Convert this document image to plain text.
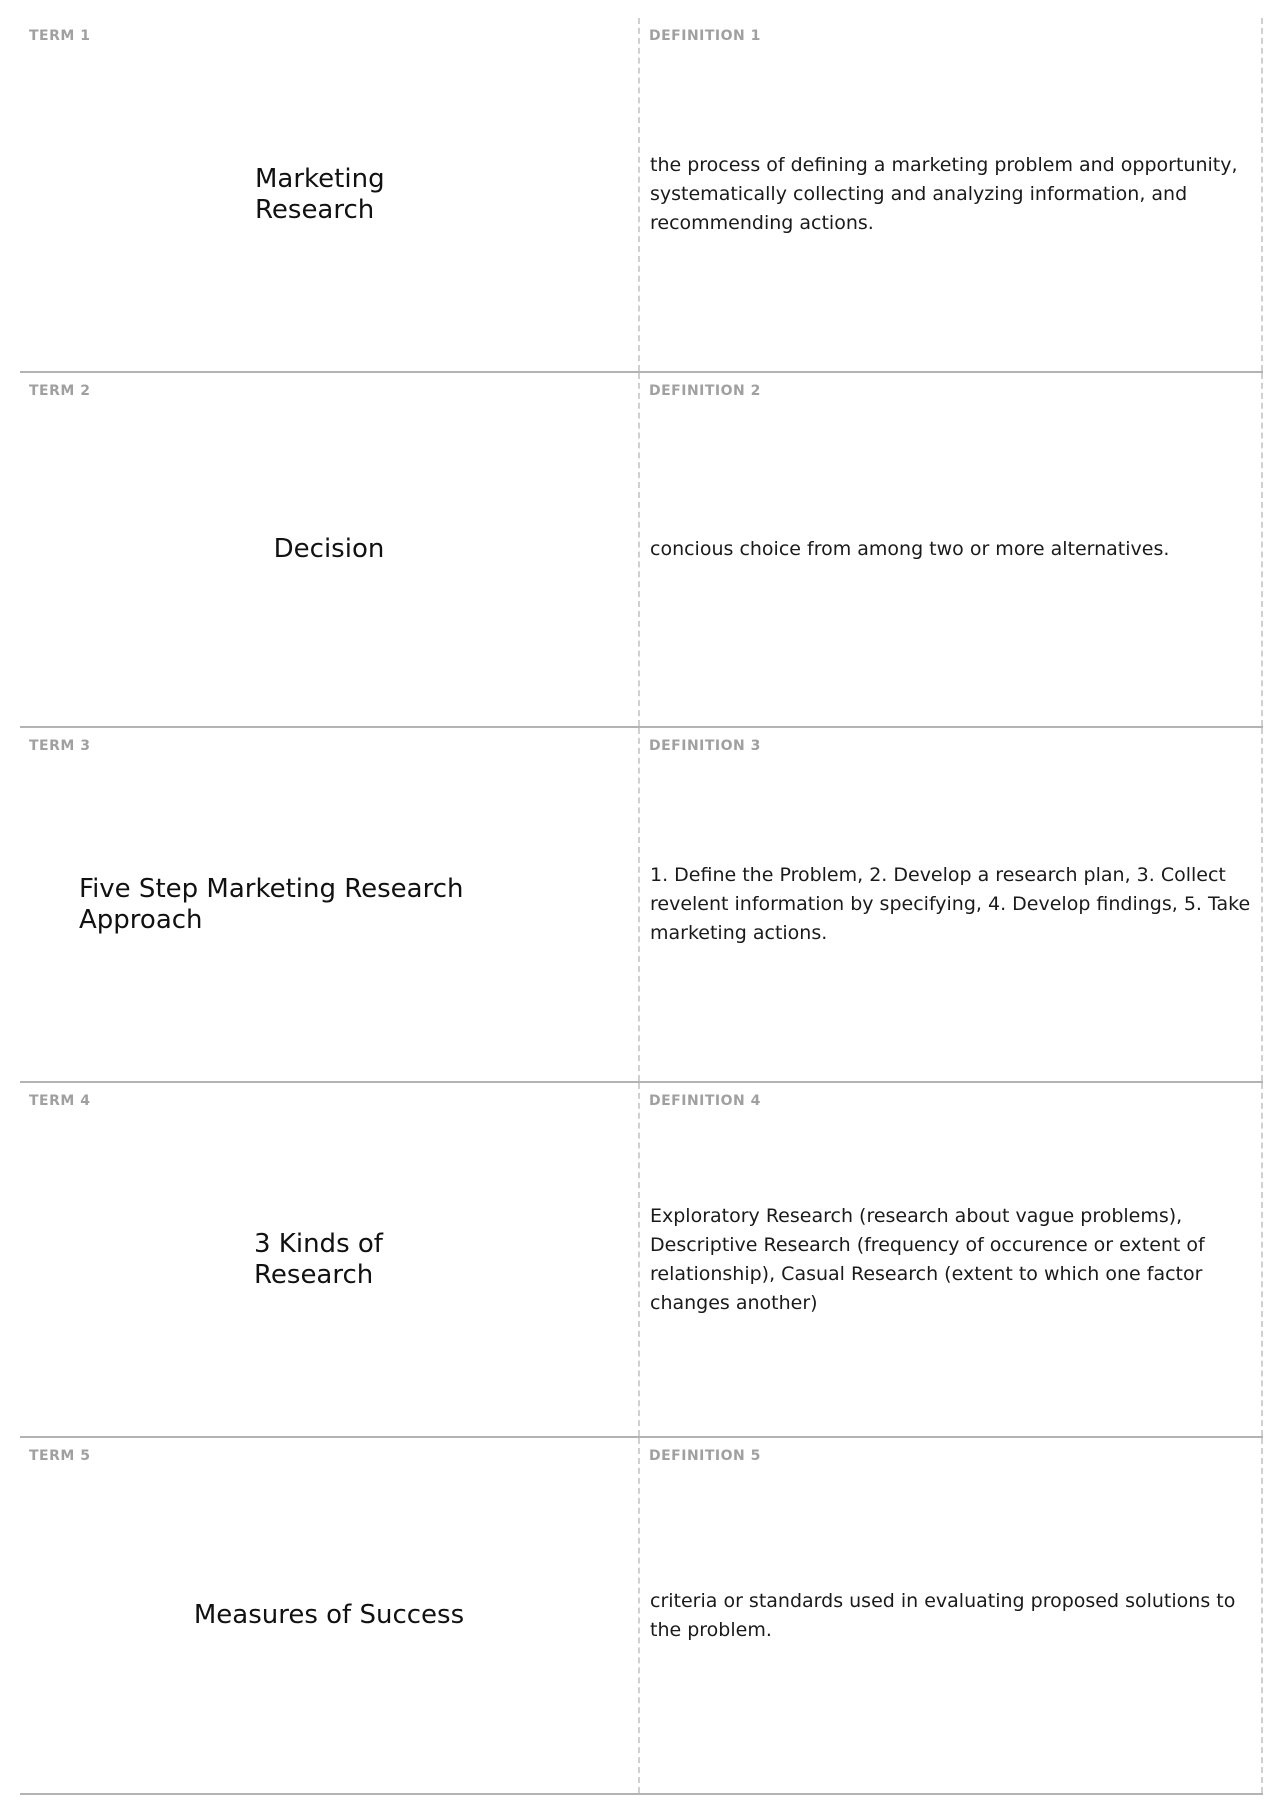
TERM 1
Marketing Research
DEFINITION 1
the process of defining a marketing problem and opportunity, systematically collecting and analyzing information, and recommending actions.
TERM 2
Decision
DEFINITION 2
concious choice from among two or more alternatives.
TERM 3
Five Step Marketing Research Approach
DEFINITION 3
1. Define the Problem, 2. Develop a research plan, 3. Collect revelent information by specifying, 4. Develop findings, 5. Take marketing actions.
TERM 4
3 Kinds of Research
DEFINITION 4
Exploratory Research (research about vague problems), Descriptive Research (frequency of occurence or extent of relationship), Casual Research (extent to which one factor changes another)
TERM 5
Measures of Success
DEFINITION 5
criteria or standards used in evaluating proposed solutions to the problem.
